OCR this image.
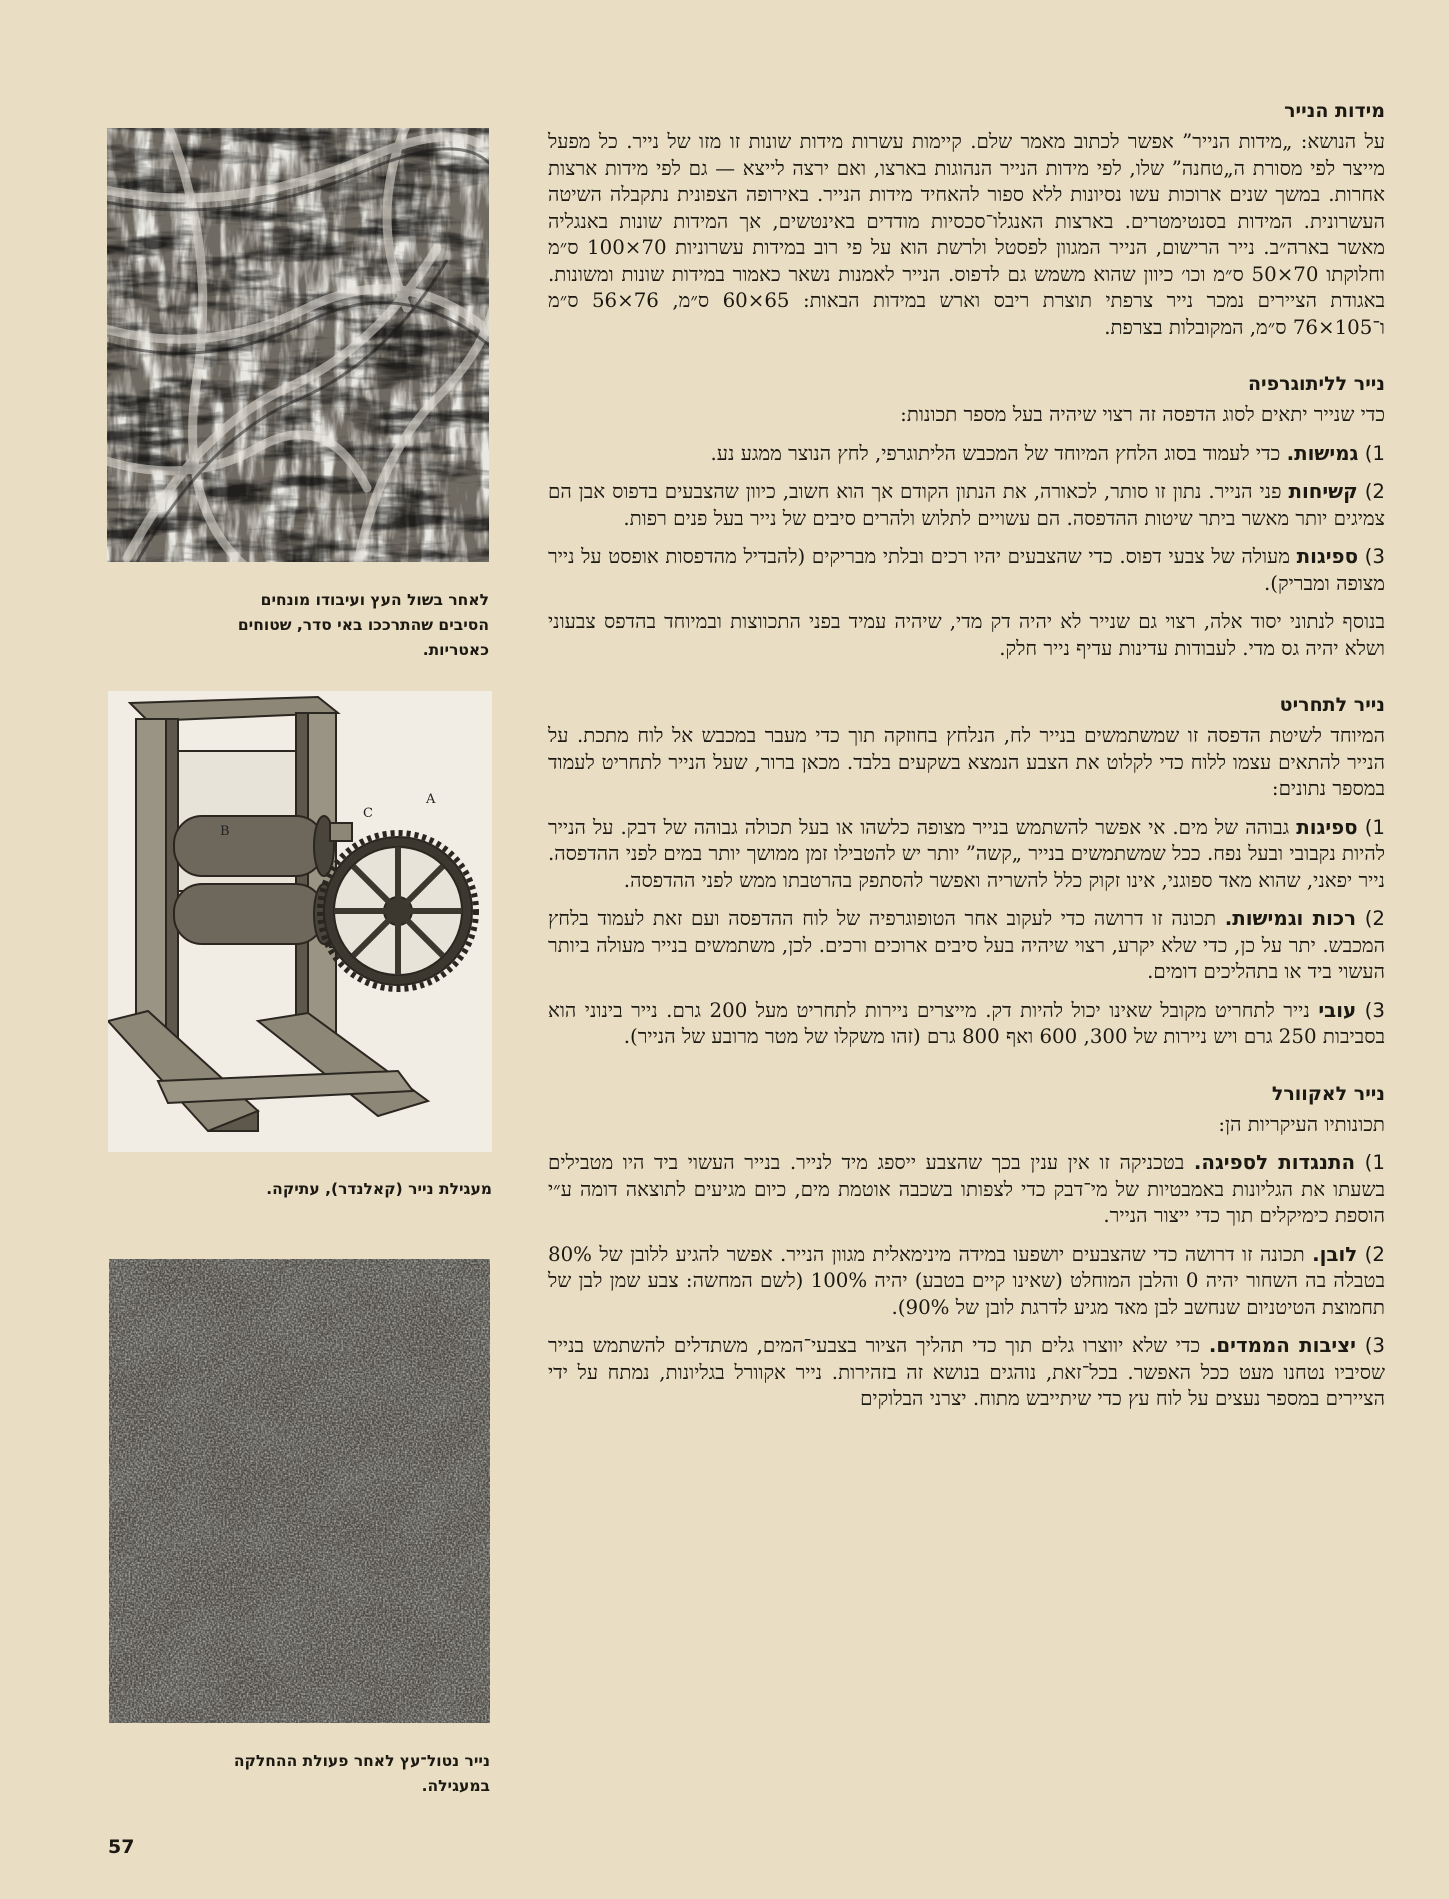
לאחר בשול העץ ועיבודו מונחים
הסיבים שהתרככו באי סדר, שטוחים
כאטריות.
B
C
A
מעגילת נייר (קאלנדר), עתיקה.
נייר נטול־עץ לאחר פעולת ההחלקה
במעגילה.
57
מידות הנייר

על הנושא: „מידות הנייר” אפשר לכתוב מאמר שלם. קיימות עשרות מידות שונות זו מזו של נייר. כל מפעל מייצר לפי מסורת ה„טחנה” שלו, לפי מידות הנייר הנהוגות בארצו, ואם ירצה לייצא — גם לפי מידות ארצות אחרות. במשך שנים ארוכות עשו נסיונות ללא ספור להאחיד מידות הנייר. באירופה הצפונית נתקבלה השיטה העשרונית. המידות בסנטימטרים. בארצות האנגלו־סכסיות מודדים באינטשים, אך המידות שונות באנגליה מאשר בארה״ב. נייר הרישום, הנייר המגוון לפסטל ולרשת הוא על פי רוב במידות עשרוניות 70×100 ס״מ וחלוקתו 70×50 ס״מ וכו׳ כיוון שהוא משמש גם לדפוס. הנייר לאמנות נשאר כאמור במידות שונות ומשונות. באגודת הציירים נמכר נייר צרפתי תוצרת ריבס וארש במידות הבאות: 65×60 ס״מ, 76×56 ס״מ ו־105×76 ס״מ, המקובלות בצרפת.

נייר לליתוגרפיה

כדי שנייר יתאים לסוג הדפסה זה רצוי שיהיה בעל מספר תכונות:

1) גמישות. כדי לעמוד בסוג הלחץ המיוחד של המכבש הליתוגרפי, לחץ הנוצר ממגע נע.

2) קשיחות פני הנייר. נתון זו סותר, לכאורה, את הנתון הקודם אך הוא חשוב, כיוון שהצבעים בדפוס אבן הם צמיגים יותר מאשר ביתר שיטות ההדפסה. הם עשויים לתלוש ולהרים סיבים של נייר בעל פנים רפות.

3) ספיגות מעולה של צבעי דפוס. כדי שהצבעים יהיו רכים ובלתי מבריקים (להבדיל מהדפסות אופסט על נייר מצופה ומבריק).

בנוסף לנתוני יסוד אלה, רצוי גם שנייר לא יהיה דק מדי, שיהיה עמיד בפני התכווצות ובמיוחד בהדפס צבעוני ושלא יהיה גס מדי. לעבודות עדינות עדיף נייר חלק.

נייר לתחריט

המיוחד לשיטת הדפסה זו שמשתמשים בנייר לח, הנלחץ בחוזקה תוך כדי מעבר במכבש אל לוח מתכת. על הנייר להתאים עצמו ללוח כדי לקלוט את הצבע הנמצא בשקעים בלבד. מכאן ברור, שעל הנייר לתחריט לעמוד במספר נתונים:

1) ספיגות גבוהה של מים. אי אפשר להשתמש בנייר מצופה כלשהו או בעל תכולה גבוהה של דבק. על הנייר להיות נקבובי ובעל נפח. ככל שמשתמשים בנייר „קשה” יותר יש להטבילו זמן ממושך יותר במים לפני ההדפסה. נייר יפאני, שהוא מאד ספוגני, אינו זקוק כלל להשריה ואפשר להסתפק בהרטבתו ממש לפני ההדפסה.

2) רכות וגמישות. תכונה זו דרושה כדי לעקוב אחר הטופוגרפיה של לוח ההדפסה ועם זאת לעמוד בלחץ המכבש. יתר על כן, כדי שלא יקרע, רצוי שיהיה בעל סיבים ארוכים ורכים. לכן, משתמשים בנייר מעולה ביותר העשוי ביד או בתהליכים דומים.

3) עובי נייר לתחריט מקובל שאינו יכול להיות דק. מייצרים ניירות לתחריט מעל 200 גרם. נייר בינוני הוא בסביבות 250 גרם ויש ניירות של 300, 600 ואף 800 גרם (זהו משקלו של מטר מרובע של הנייר).

נייר לאקוורל

תכונותיו העיקריות הן:

1) התנגדות לספיגה. בטכניקה זו אין ענין בכך שהצבע ייספג מיד לנייר. בנייר העשוי ביד היו מטבילים בשעתו את הגליונות באמבטיות של מי־דבק כדי לצפותו בשכבה אוטמת מים, כיום מגיעים לתוצאה דומה ע״י הוספת כימיקלים תוך כדי ייצור הנייר.

2) לובן. תכונה זו דרושה כדי שהצבעים יושפעו במידה מינימאלית מגוון הנייר. אפשר להגיע ללובן של 80% בטבלה בה השחור יהיה 0 והלבן המוחלט (שאינו קיים בטבע) יהיה 100% (לשם המחשה: צבע שמן לבן של תחמוצת הטיטניום שנחשב לבן מאד מגיע לדרגת לובן של 90%).

3) יציבות הממדים. כדי שלא יווצרו גלים תוך כדי תהליך הציור בצבעי־המים, משתדלים להשתמש בנייר שסיביו נטחנו מעט ככל האפשר. בכל־זאת, נוהגים בנושא זה בזהירות. נייר אקוורל בגליונות, נמתח על ידי הציירים במספר נעצים על לוח עץ כדי שיתייבש מתוח. יצרני הבלוקים
